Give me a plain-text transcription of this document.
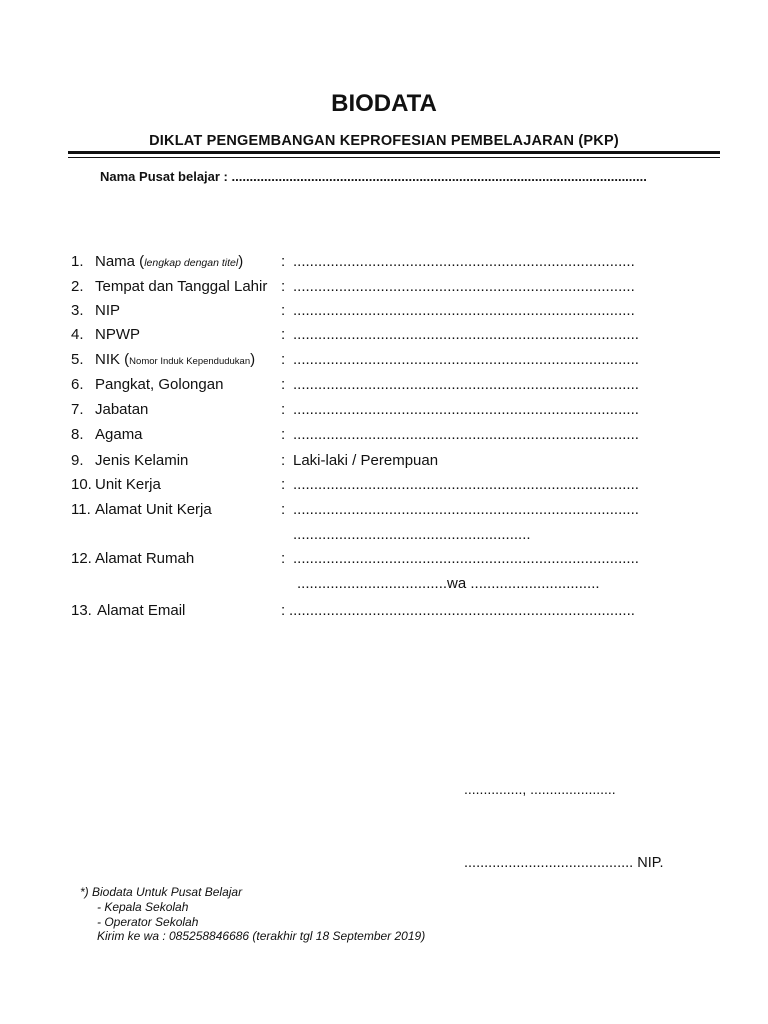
BIODATA
DIKLAT PENGEMBANGAN KEPROFESIAN PEMBELAJARAN (PKP)
Nama Pusat belajar : ...................................................................................................................
1. Nama (lengkap dengan titel)	: ..................................................................................
2. Tempat dan Tanggal Lahir : ..................................................................................
3. NIP	: ..................................................................................
4. NPWP	: ...................................................................................
5. NIK (Nomor Induk Kependudukan) : ...................................................................................
6. Pangkat, Golongan	: ...................................................................................
7. Jabatan	: ...................................................................................
8. Agama	: ...................................................................................
9. Jenis Kelamin	: Laki-laki / Perempuan
10. Unit Kerja	: ...................................................................................
11. Alamat Unit Kerja	: ...................................................................................
.........................................................
12. Alamat Rumah	: ...................................................................................
....................................wa ...............................
13. Alamat Email	: ...................................................................................
..............., ......................
.......................................... NIP.
*) Biodata Untuk Pusat Belajar
- Kepala Sekolah
- Operator Sekolah
Kirim ke wa : 085258846686 (terakhir tgl 18 September 2019)
